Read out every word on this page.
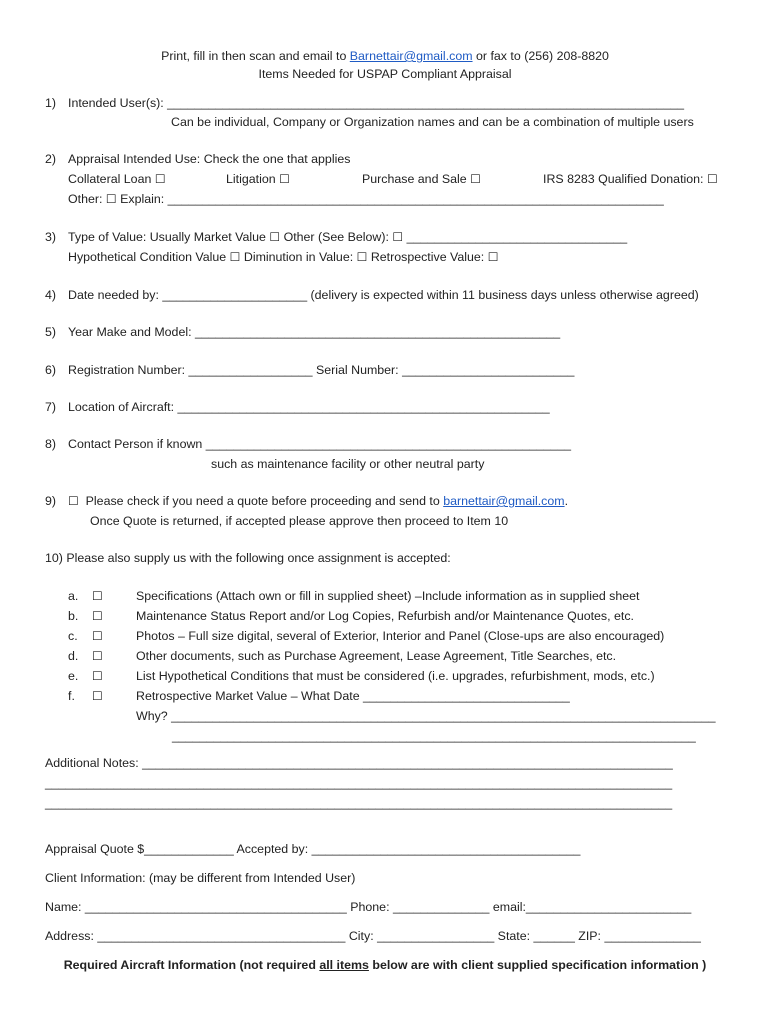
Print, fill in then scan and email to Barnettair@gmail.com or fax to (256) 208-8820
Items Needed for USPAP Compliant Appraisal
1) Intended User(s): ___________________________________________________________________________
Can be individual, Company or Organization names and can be a combination of multiple users
2) Appraisal Intended Use: Check the one that applies
Collateral Loan ☐	Litigation ☐	Purchase and Sale ☐	IRS 8283 Qualified Donation: ☐
Other: ☐ Explain: ________________________________________________________________________
3) Type of Value: Usually Market Value ☐ Other (See Below): ☐ ________________________________
Hypothetical Condition Value ☐ Diminution in Value: ☐ Retrospective Value: ☐
4) Date needed by: _____________________ (delivery is expected within 11 business days unless otherwise agreed)
5) Year Make and Model: _____________________________________________________
6) Registration Number: __________________ Serial Number: _________________________
7) Location of Aircraft: ______________________________________________________
8) Contact Person if known _____________________________________________________
such as maintenance facility or other neutral party
9) ☐ Please check if you need a quote before proceeding and send to barnettair@gmail.com.
Once Quote is returned, if accepted please approve then proceed to Item 10
10) Please also supply us with the following once assignment is accepted:
a. ☐	Specifications (Attach own or fill in supplied sheet) –Include information as in supplied sheet
b. ☐	Maintenance Status Report and/or Log Copies, Refurbish and/or Maintenance Quotes, etc.
c. ☐	Photos – Full size digital, several of Exterior, Interior and Panel (Close-ups are also encouraged)
d. ☐	Other documents, such as Purchase Agreement, Lease Agreement, Title Searches, etc.
e. ☐	List Hypothetical Conditions that must be considered (i.e. upgrades, refurbishment, mods, etc.)
f. ☐	Retrospective Market Value – What Date ______________________________
Why? _______________________________________________________________________________
____________________________________________________________________________
Additional Notes: _____________________________________________________________________________
___________________________________________________________________________________________
___________________________________________________________________________________________
Appraisal Quote $_____________ Accepted by: _______________________________________
Client Information: (may be different from Intended User)
Name: ______________________________________ Phone: ______________ email:________________________
Address: ____________________________________ City: _________________ State: ______ ZIP: ______________
Required Aircraft Information (not required all items below are with client supplied specification information )
